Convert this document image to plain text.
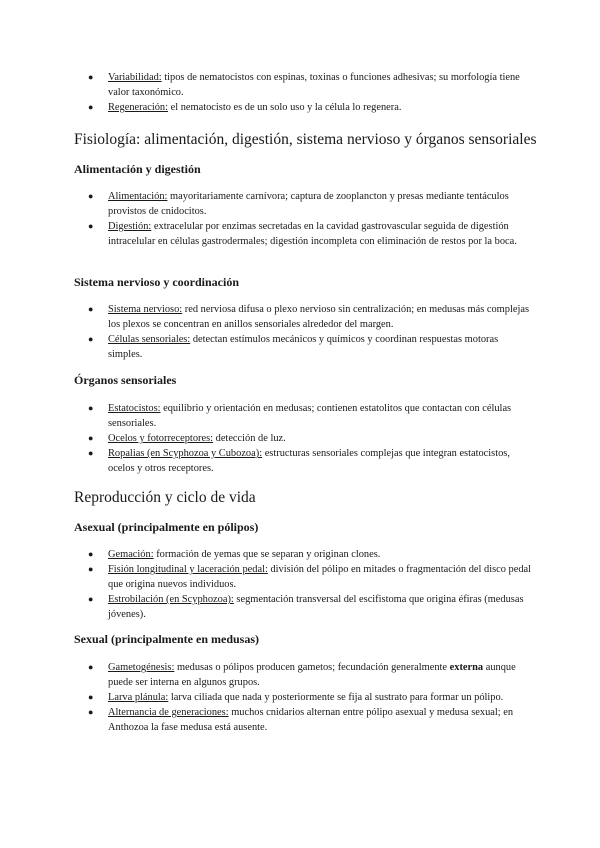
● Variabilidad: tipos de nematocistos con espinas, toxinas o funciones adhesivas; su morfología tiene valor taxonómico.
● Regeneración: el nematocisto es de un solo uso y la célula lo regenera.
Fisiología: alimentación, digestión, sistema nervioso y órganos sensoriales
Alimentación y digestión
● Alimentación: mayoritariamente carnívora; captura de zooplancton y presas mediante tentáculos provistos de cnidocitos.
● Digestión: extracelular por enzimas secretadas en la cavidad gastrovascular seguida de digestión intracelular en células gastrodermales; digestión incompleta con eliminación de restos por la boca.
Sistema nervioso y coordinación
● Sistema nervioso: red nerviosa difusa o plexo nervioso sin centralización; en medusas más complejas los plexos se concentran en anillos sensoriales alrededor del margen.
● Células sensoriales: detectan estímulos mecánicos y químicos y coordinan respuestas motoras simples.
Órganos sensoriales
● Estatocistos: equilibrio y orientación en medusas; contienen estatolitos que contactan con células sensoriales.
● Ocelos y fotorreceptores: detección de luz.
● Ropalias (en Scyphozoa y Cubozoa): estructuras sensoriales complejas que integran estatocistos, ocelos y otros receptores.
Reproducción y ciclo de vida
Asexual (principalmente en pólipos)
● Gemación: formación de yemas que se separan y originan clones.
● Fisión longitudinal y laceración pedal: división del pólipo en mitades o fragmentación del disco pedal que origina nuevos individuos.
● Estrobilación (en Scyphozoa): segmentación transversal del escifistoma que origina éfiras (medusas jóvenes).
Sexual (principalmente en medusas)
● Gametogénesis: medusas o pólipos producen gametos; fecundación generalmente externa aunque puede ser interna en algunos grupos.
● Larva plánula: larva ciliada que nada y posteriormente se fija al sustrato para formar un pólipo.
● Alternancia de generaciones: muchos cnidarios alternan entre pólipo asexual y medusa sexual; en Anthozoa la fase medusa está ausente.
